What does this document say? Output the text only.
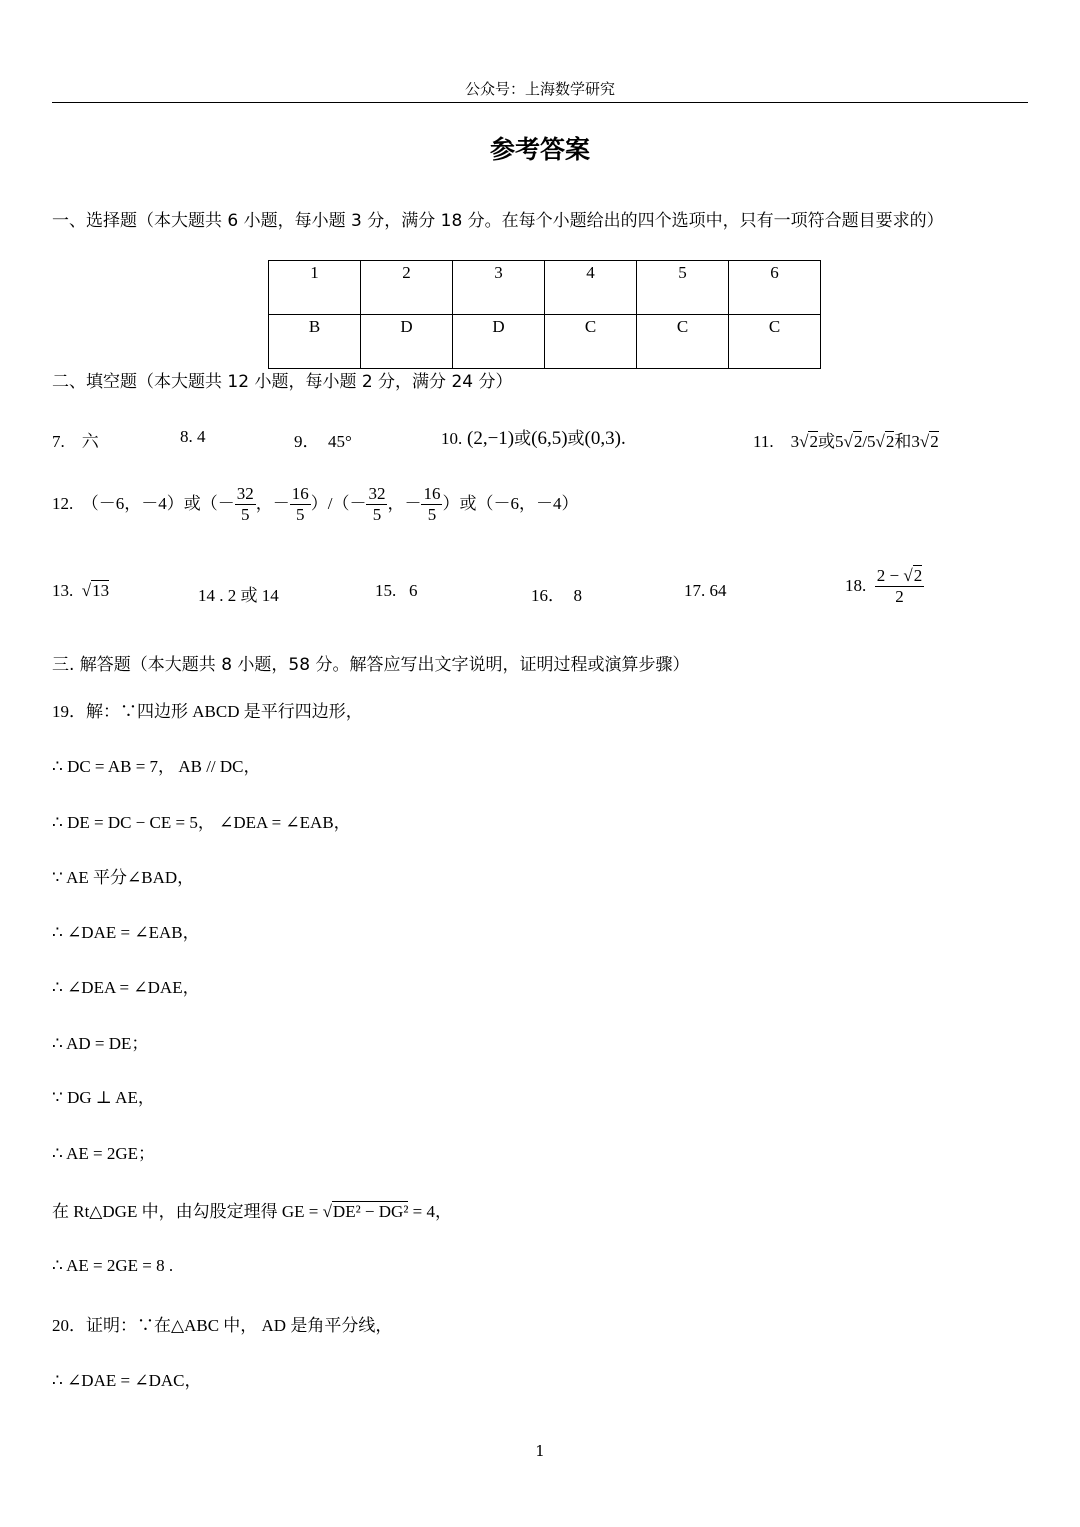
公众号：上海数学研究
参考答案
一、选择题（本大题共 6 小题，每小题 3 分，满分 18 分。在每个小题给出的四个选项中，只有一项符合题目要求的）
1	2	3	4	5	6
B	D	D	C	C	C
二、填空题（本大题共 12 小题，每小题 2 分，满分 24 分）
7. 六	8. 4	9． 45°	10. (2,−1)或(6,5)或(0,3).	11. 3√2或5√2/5√2和3√2
12. （－6，－4）或（－ $\frac{32}{5}$ ，－ $\frac{16}{5}$ ）/（－ $\frac{32}{5}$ ，－ $\frac{16}{5}$ ）或（－6，－4）
13.  √13	14 . 2 或 14	15. 6	16． 8	17. 64	18. $\frac{2 - √2}{2}$
三. 解答题（本大题共 8 小题，58 分。解答应写出文字说明，证明过程或演算步骤）
19．解：∵四边形 ABCD 是平行四边形，
∴ DC = AB = 7， AB // DC，
∴ DE = DC − CE = 5， ∠DEA = ∠EAB，
∵ AE 平分∠BAD，
∴ ∠DAE = ∠EAB，
∴ ∠DEA = ∠DAE，
∴ AD = DE；
∵ DG ⊥ AE，
∴ AE = 2GE；
在 Rt△DGE 中，由勾股定理得 GE = √DE² − DG² = 4，
∴ AE = 2GE = 8 .
20．证明：∵在△ABC 中， AD 是角平分线，
∴ ∠DAE = ∠DAC，
1
